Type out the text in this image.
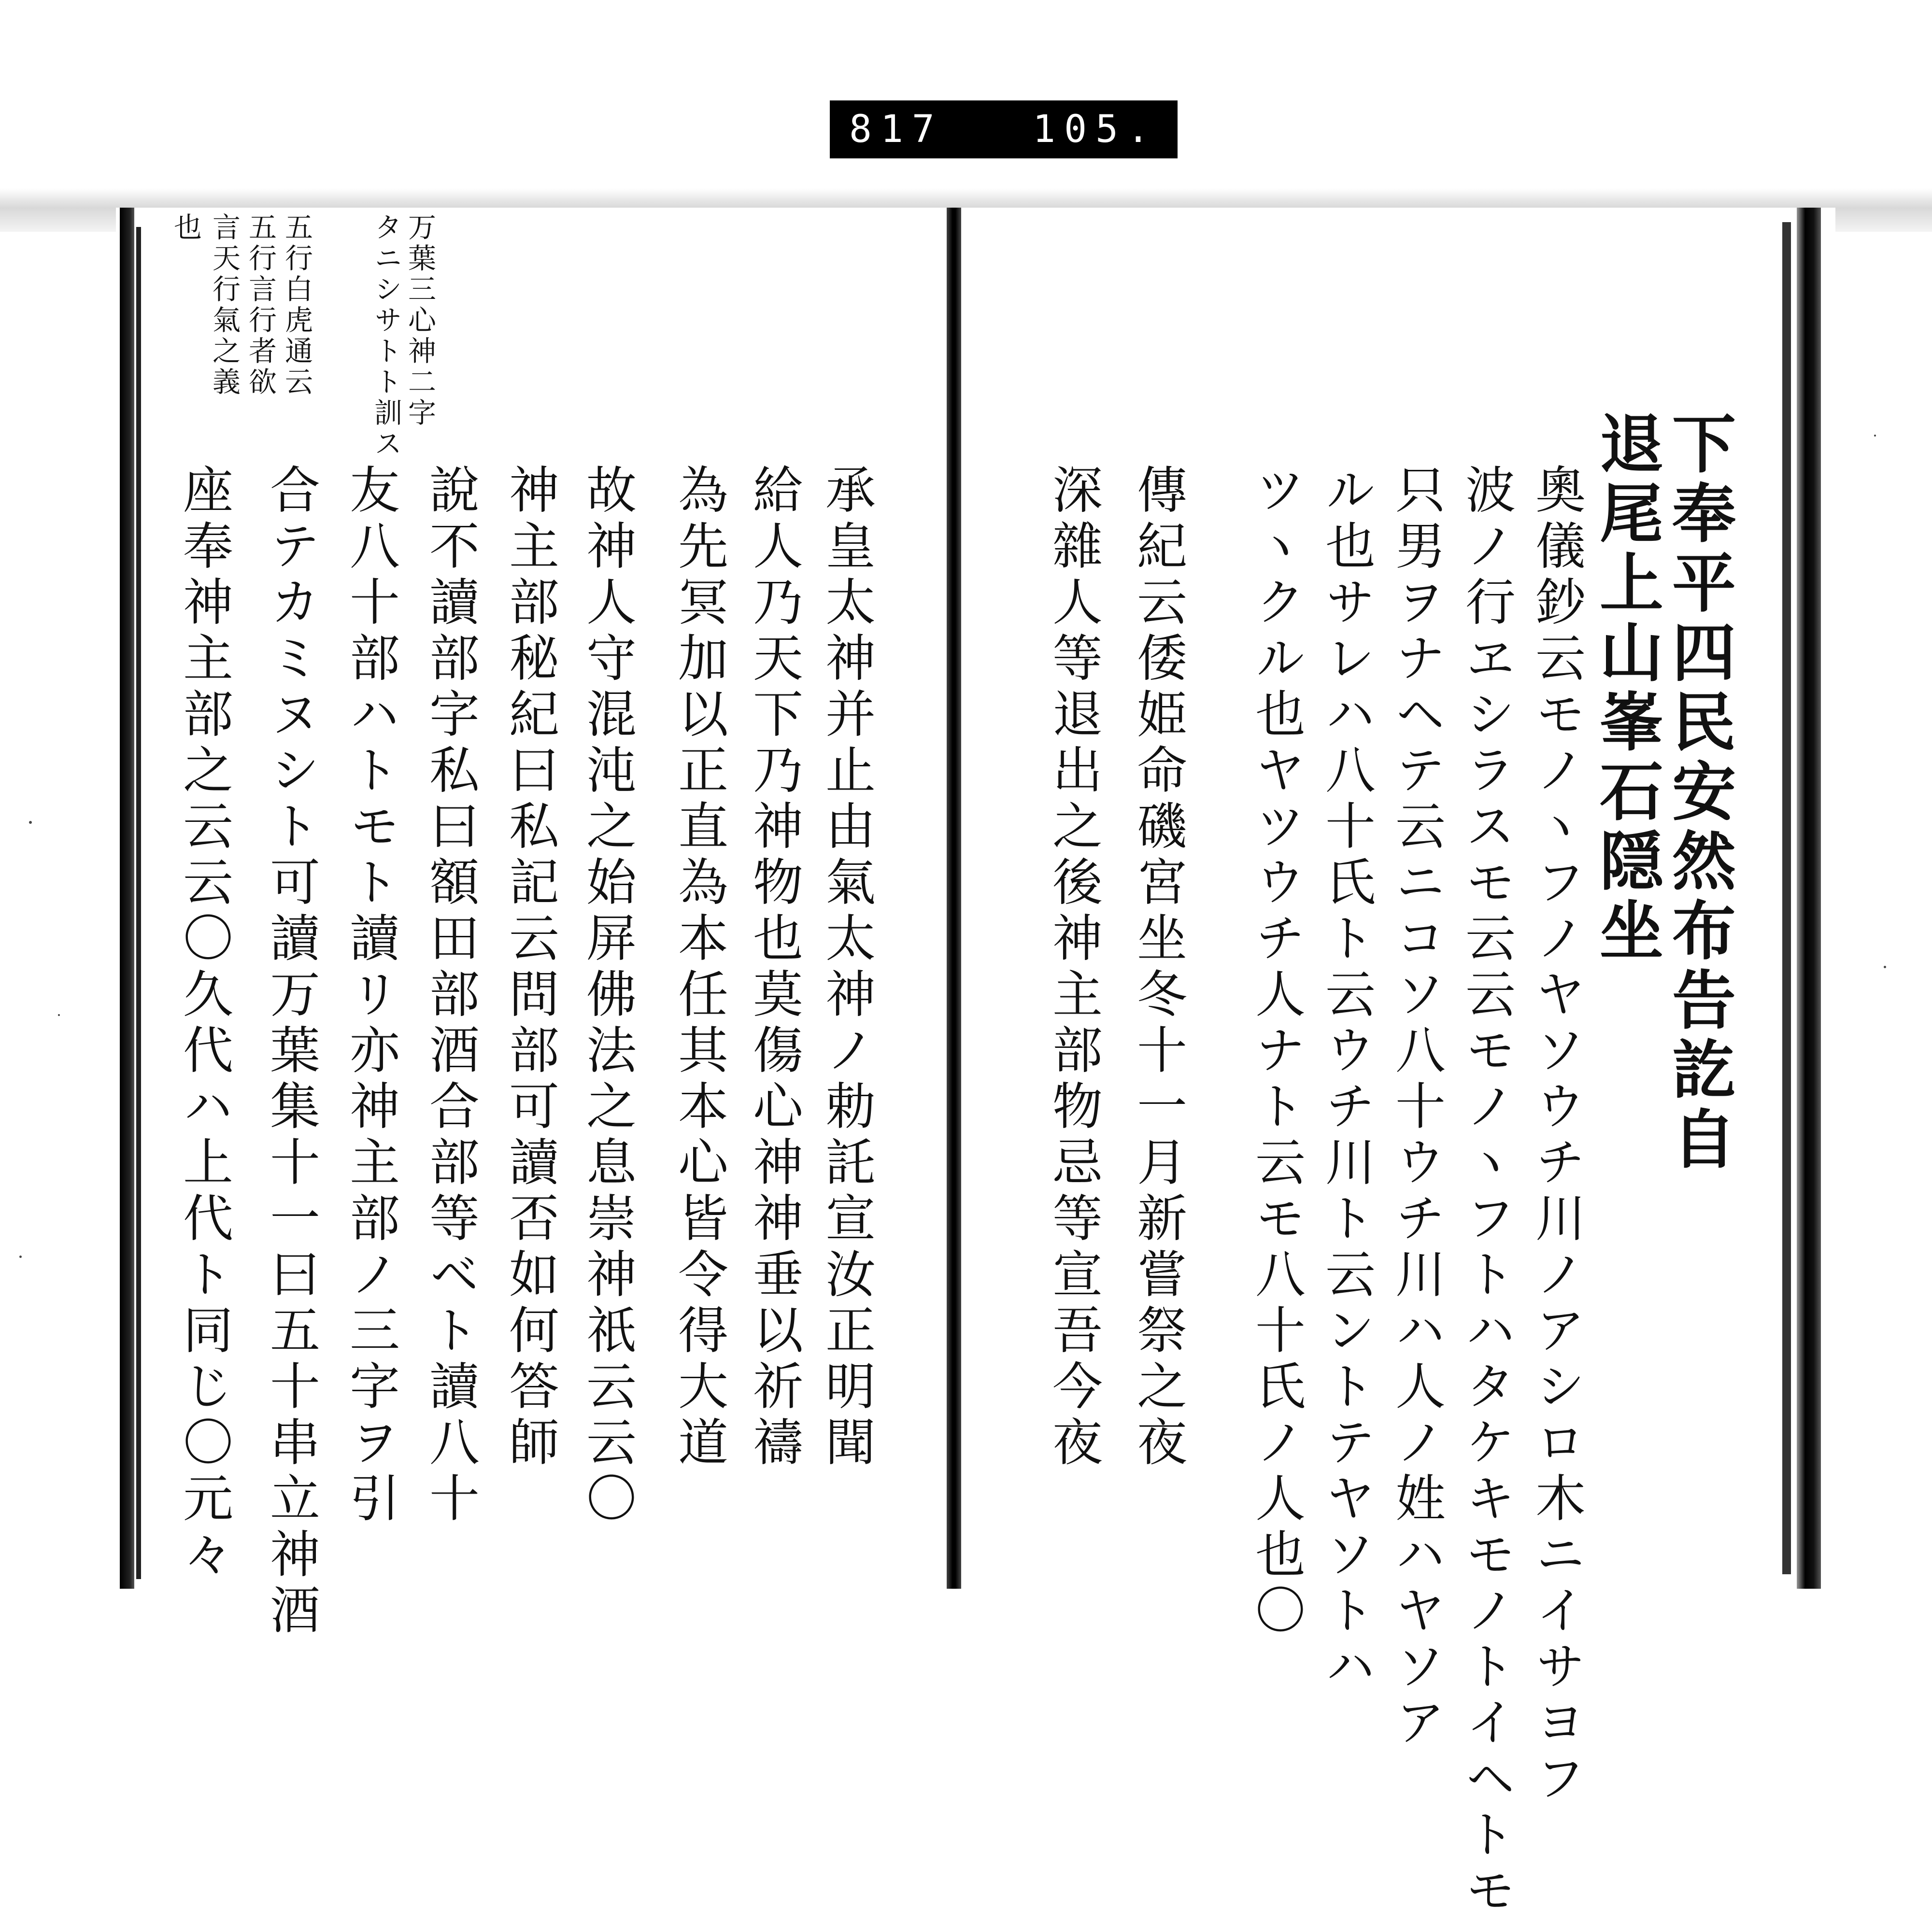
817 105.
下奉平四民安然布告訖自
退尾上山峯石隠坐
奧儀鈔云モノヽフノヤソウチ川ノアシロ木ニイサヨフ
波ノ行ヱシラスモ云云モノヽフトハタケキモノトイヘトモ
只男ヲナヘテ云ニコソ八十ウチ川ハ人ノ姓ハヤソア
ル也サレハ八十氏ト云ウチ川ト云ントテヤソトハ
ツヽクル也ヤツウチ人ナト云モ八十氏ノ人也〇
傳紀云倭姫命磯宮坐冬十一月新嘗祭之夜
深雜人等退出之後神主部物忌等宣吾今夜
承皇太神并止由氣太神ノ勅託宣汝正明聞
給人乃天下乃神物也莫傷心神神垂以祈禱
為先冥加以正直為本任其本心皆令得大道
故神人守混沌之始屏佛法之息崇神祇云云〇
神主部秘紀曰私記云問部可讀否如何答師
說不讀部字私曰額田部酒合部等ベト讀八十
友八十部ハトモト讀リ亦神主部ノ三字ヲ引
合テカミヌシト可讀万葉集十一曰五十串立神酒
座奉神主部之云云〇久代ハ上代ト同じ〇元々
万葉三心神二字
タニシサトト訓ス
五行白虎通云
五行言行者欲
言天行氣之義
也
